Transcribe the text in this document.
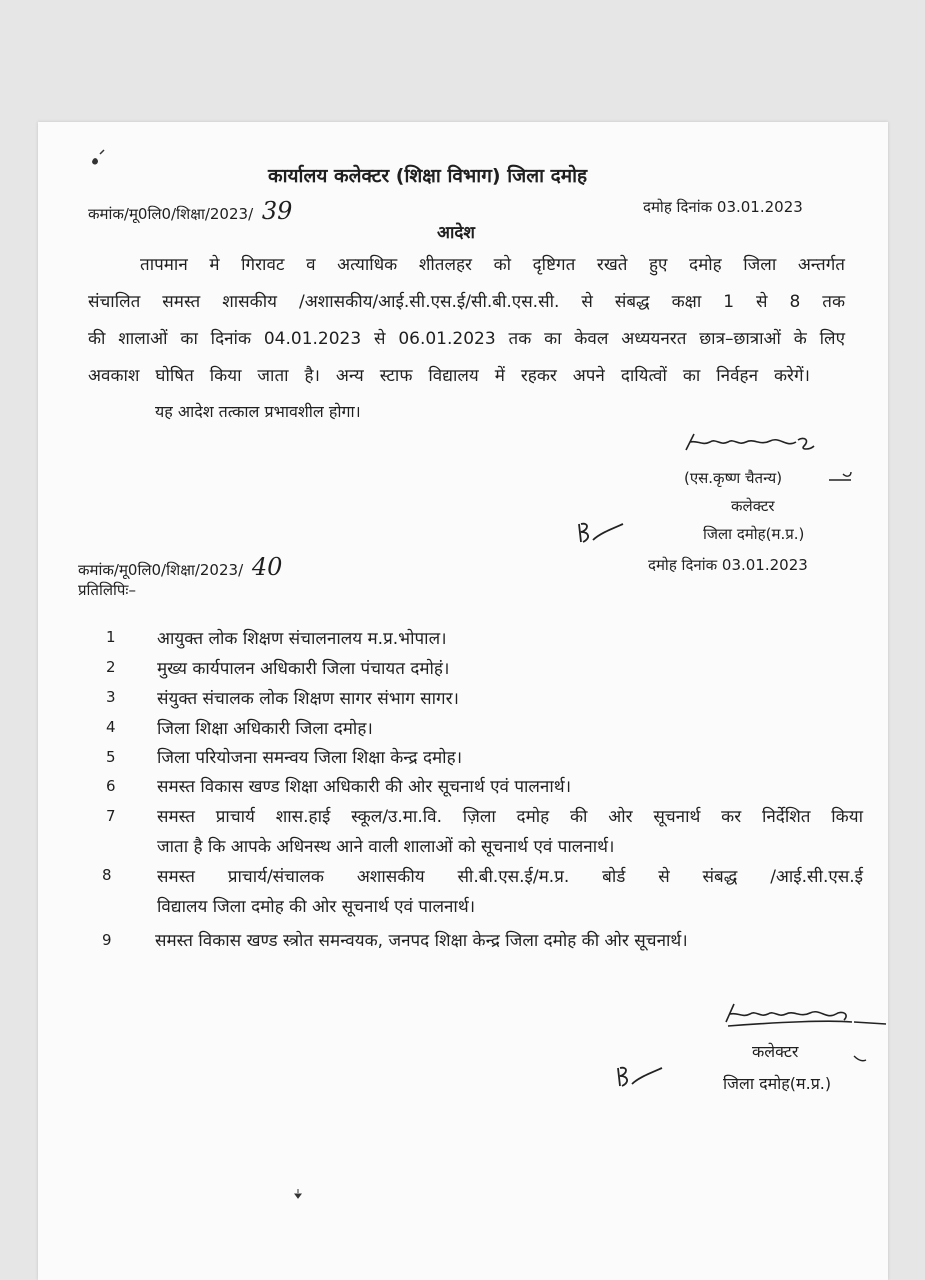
कार्यालय कलेक्टर (शिक्षा विभाग) जिला दमोह
कमांक/मू0लि0/शिक्षा/2023/ 39	दमोह दिनांक 03.01.2023
आदेश
तापमान मे गिरावट व अत्याधिक शीतलहर को दृष्टिगत रखते हुए दमोह जिला अन्तर्गत
संचालित समस्त शासकीय /अशासकीय/आई.सी.एस.ई/सी.बी.एस.सी. से संबद्ध कक्षा 1 से 8 तक
की शालाओं का दिनांक 04.01.2023 से 06.01.2023 तक का केवल अध्ययनरत छात्र–छात्राओं के लिए
अवकाश घोषित किया जाता है। अन्य स्टाफ विद्यालय में रहकर अपने दायित्वों का निर्वहन करेगें।
यह आदेश तत्काल प्रभावशील होगा।
(एस.कृष्ण चैतन्य)
कलेक्टर
जिला दमोह(म.प्र.)
कमांक/मू0लि0/शिक्षा/2023/ 40	दमोह दिनांक 03.01.2023
प्रतिलिपिः–
1 आयुक्त लोक शिक्षण संचालनालय म.प्र.भोपाल।
2 मुख्य कार्यपालन अधिकारी जिला पंचायत दमोहं।
3 संयुक्त संचालक लोक शिक्षण सागर संभाग सागर।
4 जिला शिक्षा अधिकारी जिला दमोह।
5 जिला परियोजना समन्वय जिला शिक्षा केन्द्र दमोह।
6 समस्त विकास खण्ड शिक्षा अधिकारी की ओर सूचनार्थ एवं पालनार्थ।
7 समस्त प्राचार्य शास.हाई स्कूल/उ.मा.वि. ज़िला दमोह की ओर सूचनार्थ कर निर्देशित किया
जाता है कि आपके अधिनस्थ आने वाली शालाओं को सूचनार्थ एवं पालनार्थ।
8	समस्त प्राचार्य/संचालक अशासकीय सी.बी.एस.ई/म.प्र. बोर्ड से संबद्ध /आई.सी.एस.ई
विद्यालय जिला दमोह की ओर सूचनार्थ एवं पालनार्थ।
9	समस्त विकास खण्ड स्त्रोत समन्वयक, जनपद शिक्षा केन्द्र जिला दमोह की ओर सूचनार्थ।
कलेक्टर
जिला दमोह(म.प्र.)
